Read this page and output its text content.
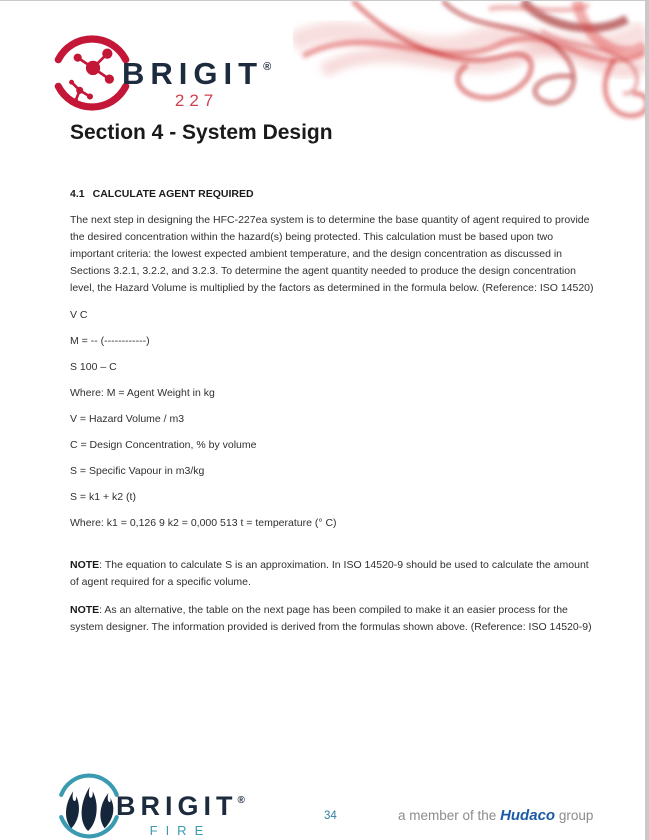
BRIGIT®
227
Section 4 - System Design
4.1 CALCULATE AGENT REQUIRED

The next step in designing the HFC-227ea system is to determine the base quantity of agent required to provide the desired concentration within the hazard(s) being protected. This calculation must be based upon two important criteria: the lowest expected ambient temperature, and the design concentration as discussed in Sections 3.2.1, 3.2.2, and 3.2.3. To determine the agent quantity needed to produce the design concentration level, the Hazard Volume is multiplied by the factors as determined in the formula below. (Reference: ISO 14520)

V C

M = -- (------------)

S 100 – C

Where: M = Agent Weight in kg

V = Hazard Volume / m3

C = Design Concentration, % by volume

S = Specific Vapour in m3/kg

S = k1 + k2 (t)

Where: k1 = 0,126 9 k2 = 0,000 513 t = temperature (° C)

NOTE: The equation to calculate S is an approximation. In ISO 14520-9 should be used to calculate the amount of agent required for a specific volume.

NOTE: As an alternative, the table on the next page has been compiled to make it an easier process for the system designer. The information provided is derived from the formulas shown above. (Reference: ISO 14520-9)

BRIGIT®
FIRE
34	a member of the Hudaco group
